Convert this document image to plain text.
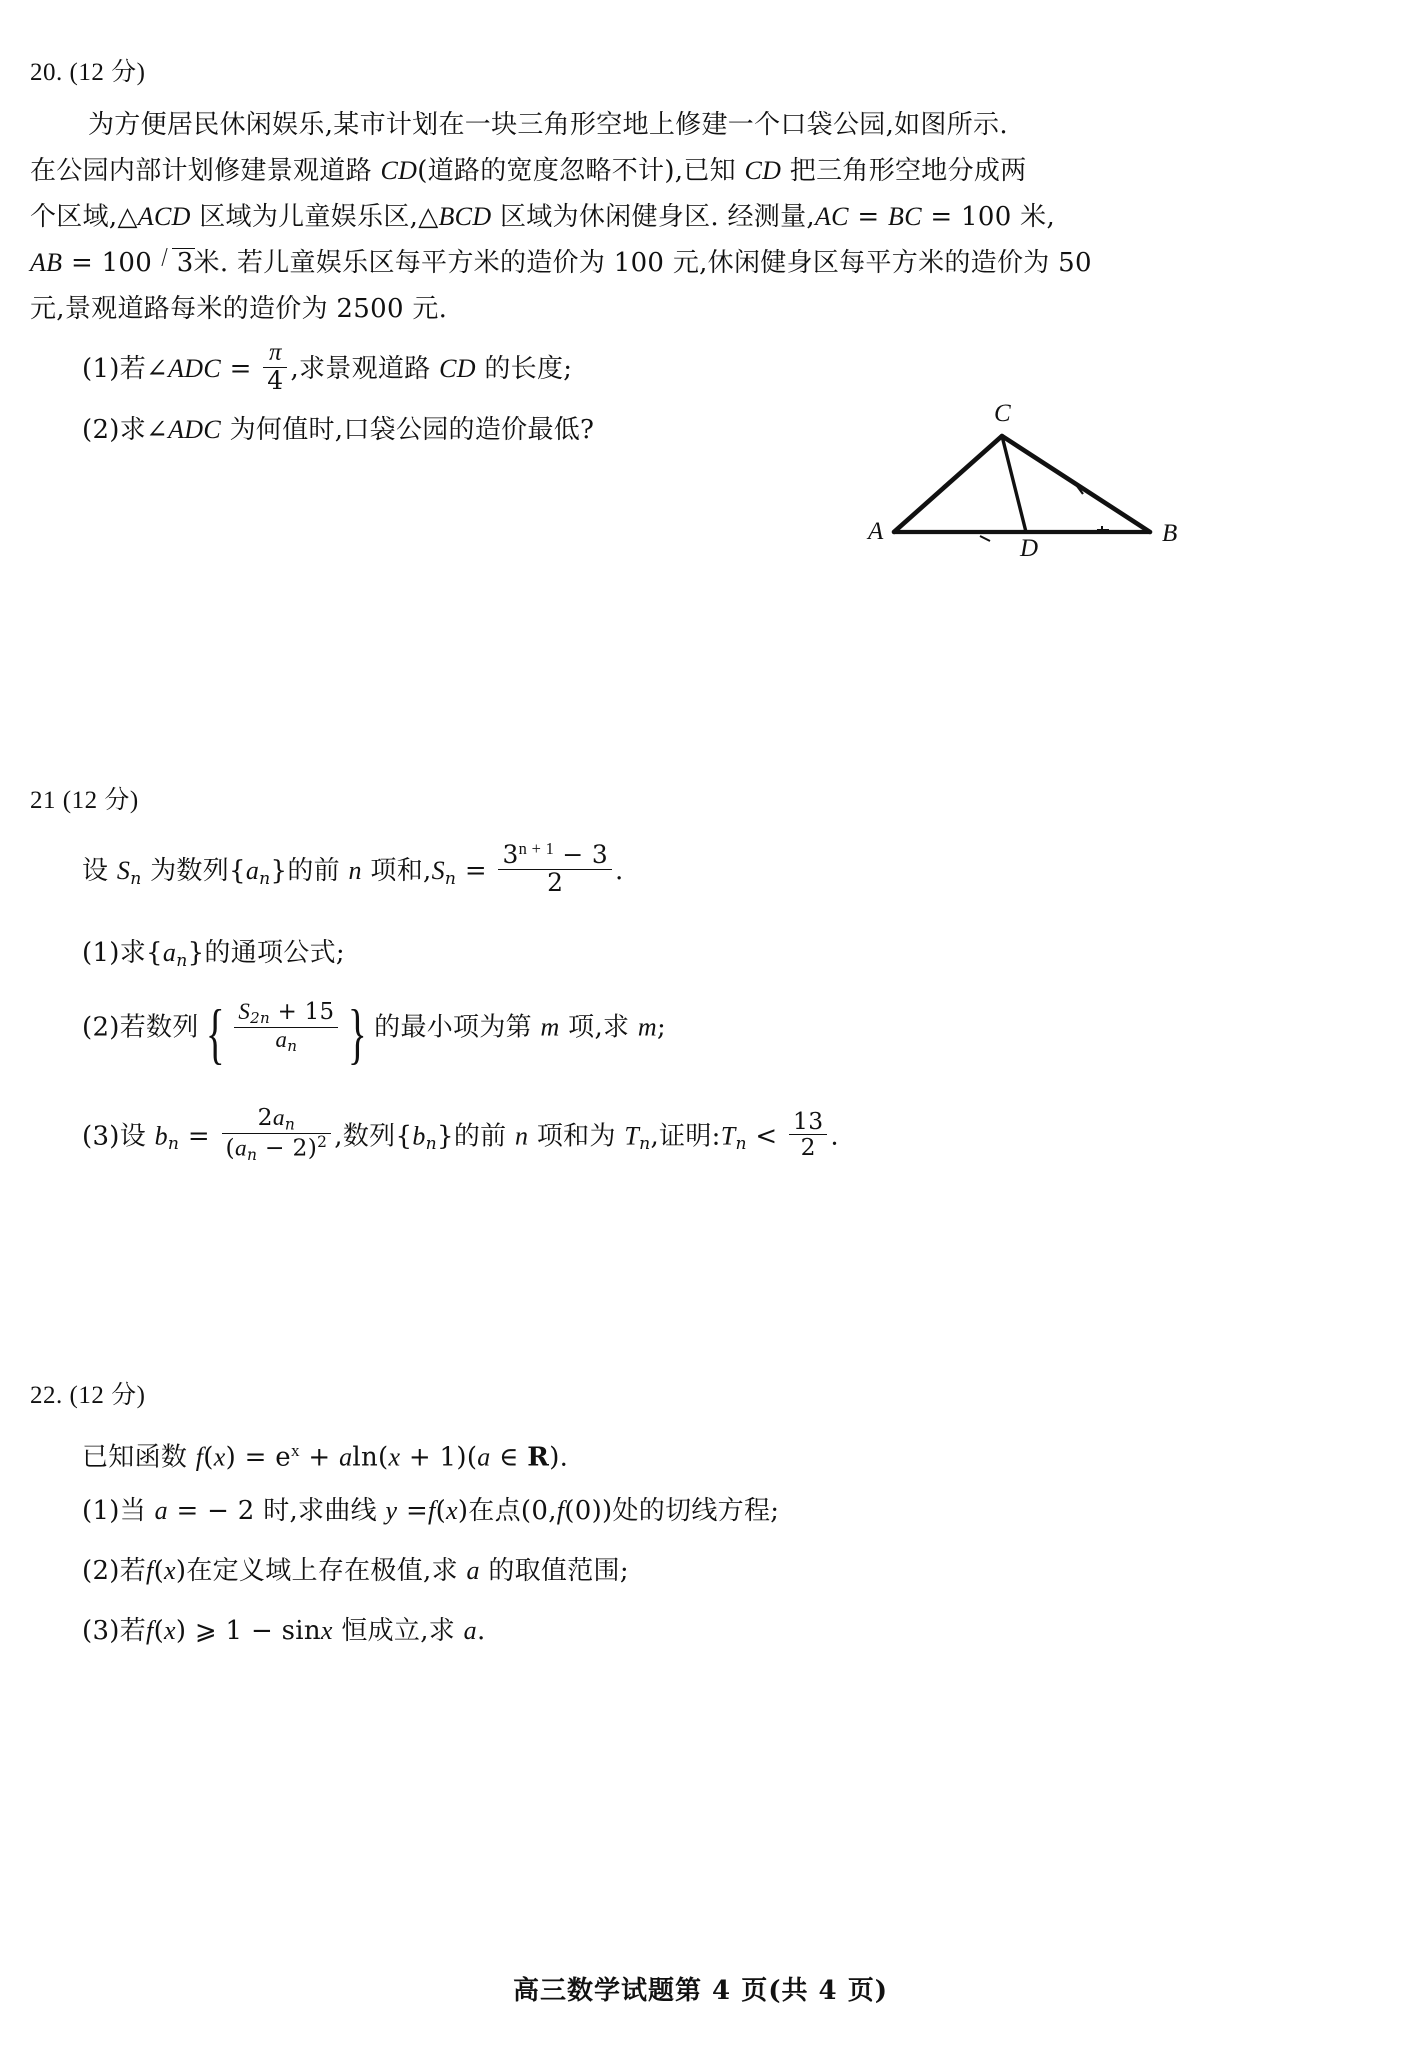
20. (12 分)
为方便居民休闲娱乐,某市计划在一块三角形空地上修建一个口袋公园,如图所示.
在公园内部计划修建景观道路 CD(道路的宽度忽略不计),已知 CD 把三角形空地分成两
个区域,△ACD 区域为儿童娱乐区,△BCD 区域为休闲健身区. 经测量,AC = BC = 100 米,
AB = 100 3米. 若儿童娱乐区每平方米的造价为 100 元,休闲健身区每平方米的造价为 50
元,景观道路每米的造价为 2500 元.
(1)若∠ADC = $\frac{\pi}{4}$ ,求景观道路 CD 的长度;
(2)求∠ADC 为何值时,口袋公园的造价最低?
A	B
C
D
21 (12 分)
设 $S_n$ 为数列$\{a_n\}$的前 n 项和$,S_n = \frac{3^{n + 1} - 3}{2}$ .
(1)求$\{a_n\}$的通项公式;
(2)若数列 { $\frac{S_{2n} + 15}{a_n}$ } 的最小项为第 m 项,求 m;
(3)设 $b_n = \frac{2a_n}{(a_n - 2)^2}$ ,数列$\{b_n\}$的前 n 项和为 $T_n$,证明$:T_n < \frac{13}{2}$ .
22. (12 分)
已知函数 $f(x) = e^x + aln(x + 1)(a$ ∈ R).
(1)当 a = − 2 时,求曲线 y =f(x)在点(0,f(0))处的切线方程;
(2)若f(x)在定义域上存在极值,求 a 的取值范围;
(3)若f(x) ⩾ 1 − sinx 恒成立,求 a.
高三数学试题第 4 页(共 4 页)
